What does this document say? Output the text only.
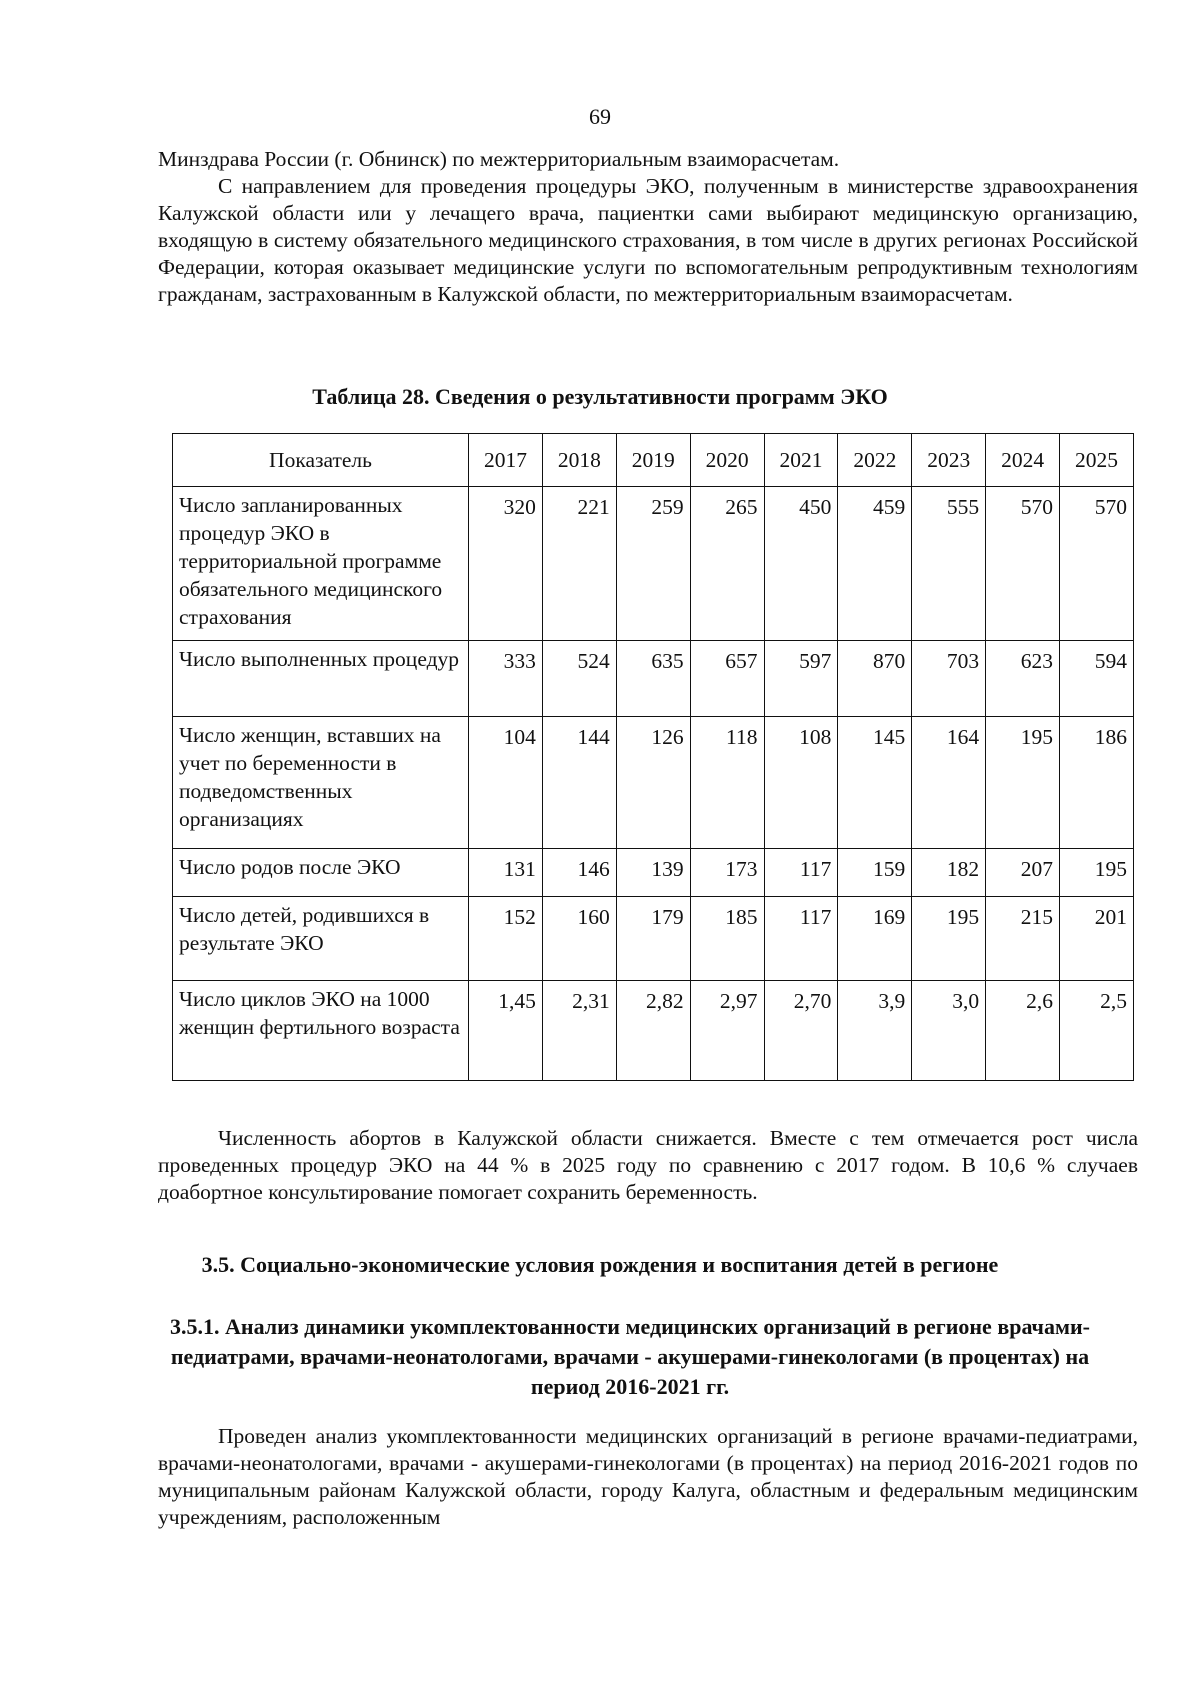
69

Минздрава России (г. Обнинск) по межтерриториальным взаиморасчетам.
С направлением для проведения процедуры ЭКО, полученным в министерстве здравоохранения Калужской области или у лечащего врача, пациентки сами выбирают медицинскую организацию, входящую в систему обязательного медицинского страхования, в том числе в других регионах Российской Федерации, которая оказывает медицинские услуги по вспомогательным репродуктивным технологиям гражданам, застрахованным в Калужской области, по межтерриториальным взаиморасчетам.

Таблица 28. Сведения о результативности программ ЭКО
Показатель	2017	2018	2019	2020	2021	2022	2023	2024	2025
Число запланированных процедур ЭКО в территориальной программе обязательного медицинского страхования	320	221	259	265	450	459	555	570	570
Число выполненных процедур	333	524	635	657	597	870	703	623	594
Число женщин, вставших на учет по беременности в подведомственных организациях	104	144	126	118	108	145	164	195	186
Число родов после ЭКО	131	146	139	173	117	159	182	207	195
Число детей, родившихся в результате ЭКО	152	160	179	185	117	169	195	215	201
Число циклов ЭКО на 1000 женщин фертильного возраста	1,45	2,31	2,82	2,97	2,70	3,9	3,0	2,6	2,5

Численность абортов в Калужской области снижается. Вместе с тем отмечается рост числа проведенных процедур ЭКО на 44 % в 2025 году по сравнению с 2017 годом. В 10,6 % случаев доабортное консультирование помогает сохранить беременность.

3.5. Социально-экономические условия рождения и воспитания детей в регионе
3.5.1. Анализ динамики укомплектованности медицинских организаций в регионе врачами-педиатрами, врачами-неонатологами, врачами - акушерами-гинекологами (в процентах) на период 2016-2021 гг.

Проведен анализ укомплектованности медицинских организаций в регионе врачами-педиатрами, врачами-неонатологами, врачами - акушерами-гинекологами (в процентах) на период 2016-2021 годов по муниципальным районам Калужской области, городу Калуга, областным и федеральным медицинским учреждениям, расположенным
